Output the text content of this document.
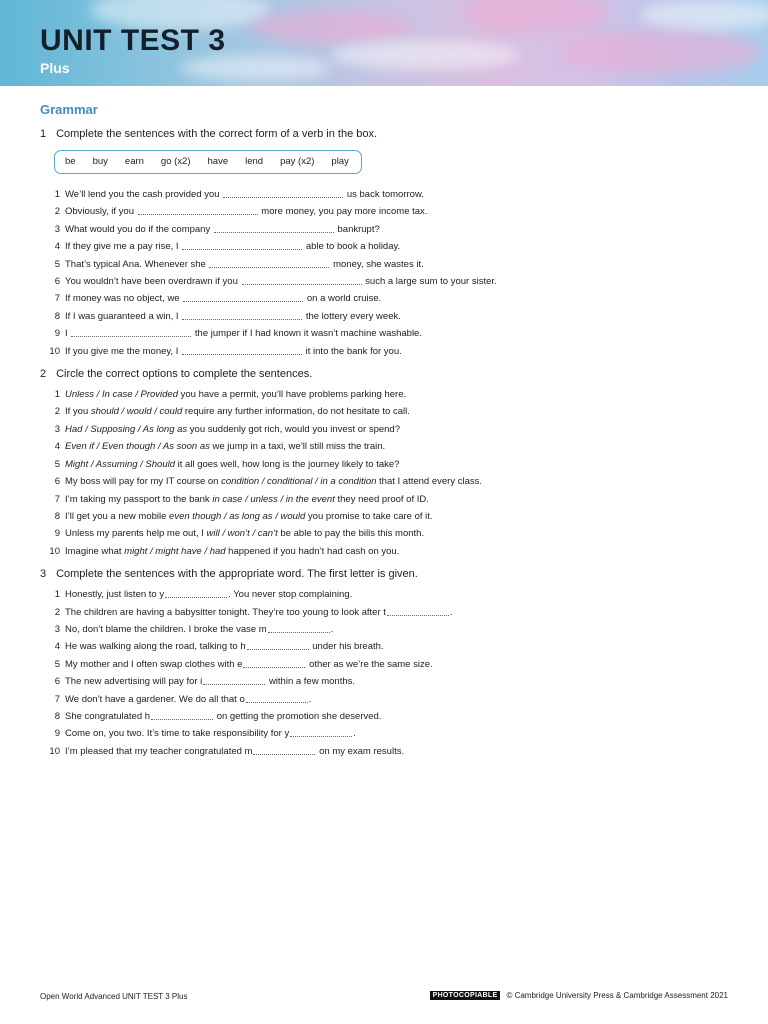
UNIT TEST 3

Plus

Grammar

1 Complete the sentences with the correct form of a verb in the box.

be buy earn go (x2) have lend pay (x2) play
1 We’ll lend you the cash provided you

	us back tomorrow.
2 Obviously, if you

	more money, you pay more income tax.
3 What would you do if the company

	bankrupt?
4 If they give me a pay rise, I

	able to book a holiday.
5 That’s typical Ana. Whenever she

	money, she wastes it.
6 You wouldn’t have been overdrawn if you

	such a large sum to your sister.
7 If money was no object, we

	on a world cruise.
8 If I was guaranteed a win, I

	the lottery every week.
9 I

	the jumper if I had known it wasn’t machine washable.
10 If you give me the money, I

	it into the bank for you.

2 Circle the correct options to complete the sentences.

1 Unless / In case / Provided you have a permit, you’ll have problems parking here.
2 If you should / would / could require any further information, do not hesitate to call.
3 Had / Supposing / As long as you suddenly got rich, would you invest or spend?
4 Even if / Even though / As soon as we jump in a taxi, we’ll still miss the train.
5 Might / Assuming / Should it all goes well, how long is the journey likely to take?
6 My boss will pay for my IT course on condition / conditional / in a condition that I attend every class.
7 I’m taking my passport to the bank in case / unless / in the event they need proof of ID.
8 I’ll get you a new mobile even though / as long as / would you promise to take care of it.
9 Unless my parents help me out, I will / won’t / can’t be able to pay the bills this month.
10 Imagine what might / might have / had happened if you hadn’t had cash on you.

3 Complete the sentences with the appropriate word. The first letter is given.

1 Honestly, just listen to y	. You never stop complaining.
2 The children are having a babysitter tonight. They’re too young to look after t	.
3 No, don’t blame the children. I broke the vase m	.
4 He was walking along the road, talking to h
	under his breath.
5 My mother and I often swap clothes with e
	other as we’re the same size.
6 The new advertising will pay for i
	within a few months.
7 We don’t have a gardener. We do all that o	.
8 She congratulated h
	on getting the promotion she deserved.
9 Come on, you two. It’s time to take responsibility for y	.
10 I’m pleased that my teacher congratulated m
	on my exam results.

Open World Advanced UNIT TEST 3 Plus	PHOTOCOPIABLE	© Cambridge University Press & Cambridge Assessment 2021
